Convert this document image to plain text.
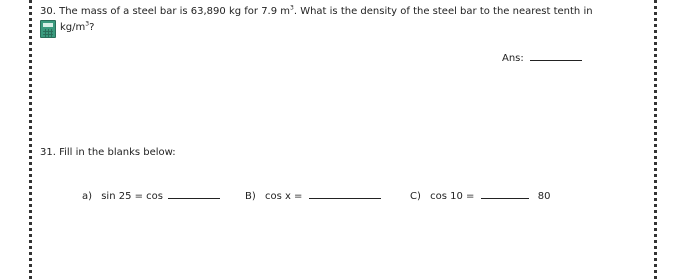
30. The mass of a steel bar is 63,890 kg for 7.9 $m^3$. What is the density of the steel bar to the nearest tenth in
$kg/m^3$?
Ans:
31. Fill in the blanks below:
a) sin 25 = cos	B) cos x =	C) cos 10 =	80
